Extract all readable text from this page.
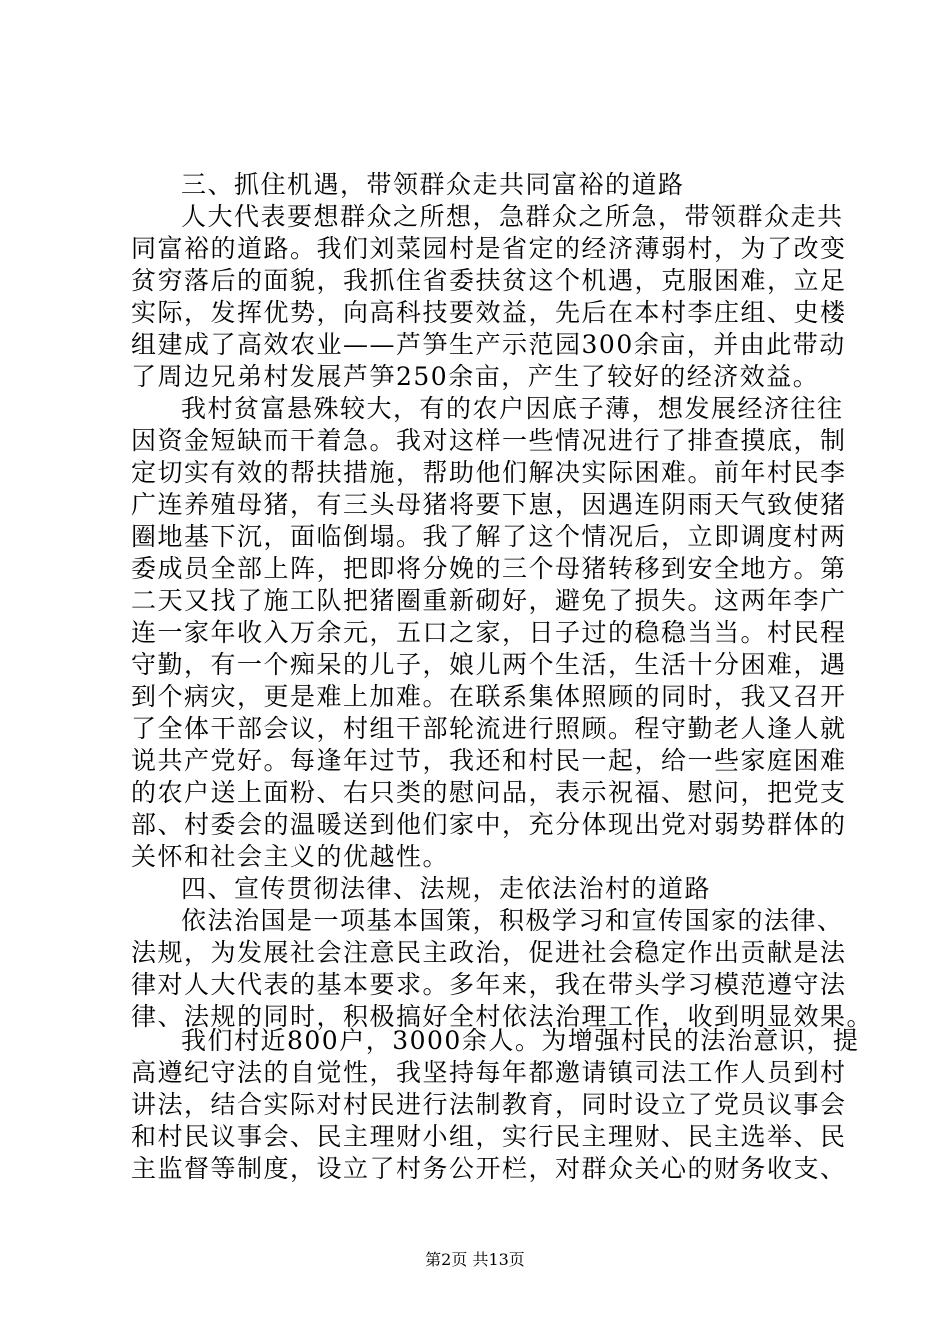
三、抓住机遇，带领群众走共同富裕的道路
人大代表要想群众之所想，急群众之所急，带领群众走共
同富裕的道路。我们刘菜园村是省定的经济薄弱村，为了改变
贫穷落后的面貌，我抓住省委扶贫这个机遇，克服困难，立足
实际，发挥优势，向高科技要效益，先后在本村李庄组、史楼
组建成了高效农业——芦笋生产示范园300余亩，并由此带动
了周边兄弟村发展芦笋250余亩，产生了较好的经济效益。
我村贫富悬殊较大，有的农户因底子薄，想发展经济往往
因资金短缺而干着急。我对这样一些情况进行了排查摸底，制
定切实有效的帮扶措施，帮助他们解决实际困难。前年村民李
广连养殖母猪，有三头母猪将要下崽，因遇连阴雨天气致使猪
圈地基下沉，面临倒塌。我了解了这个情况后，立即调度村两
委成员全部上阵，把即将分娩的三个母猪转移到安全地方。第
二天又找了施工队把猪圈重新砌好，避免了损失。这两年李广
连一家年收入万余元，五口之家，日子过的稳稳当当。村民程
守勤，有一个痴呆的儿子，娘儿两个生活，生活十分困难，遇
到个病灾，更是难上加难。在联系集体照顾的同时，我又召开
了全体干部会议，村组干部轮流进行照顾。程守勤老人逢人就
说共产党好。每逢年过节，我还和村民一起，给一些家庭困难
的农户送上面粉、右只类的慰问品，表示祝福、慰问，把党支
部、村委会的温暖送到他们家中，充分体现出党对弱势群体的
关怀和社会主义的优越性。
四、宣传贯彻法律、法规，走依法治村的道路
依法治国是一项基本国策，积极学习和宣传国家的法律、
法规，为发展社会注意民主政治，促进社会稳定作出贡献是法
律对人大代表的基本要求。多年来，我在带头学习模范遵守法
律、法规的同时，积极搞好全村依法治理工作，收到明显效果。
我们村近800户，3000余人。为增强村民的法治意识，提
高遵纪守法的自觉性，我坚持每年都邀请镇司法工作人员到村
讲法，结合实际对村民进行法制教育，同时设立了党员议事会
和村民议事会、民主理财小组，实行民主理财、民主选举、民
主监督等制度，设立了村务公开栏，对群众关心的财务收支、
第2页 共13页
